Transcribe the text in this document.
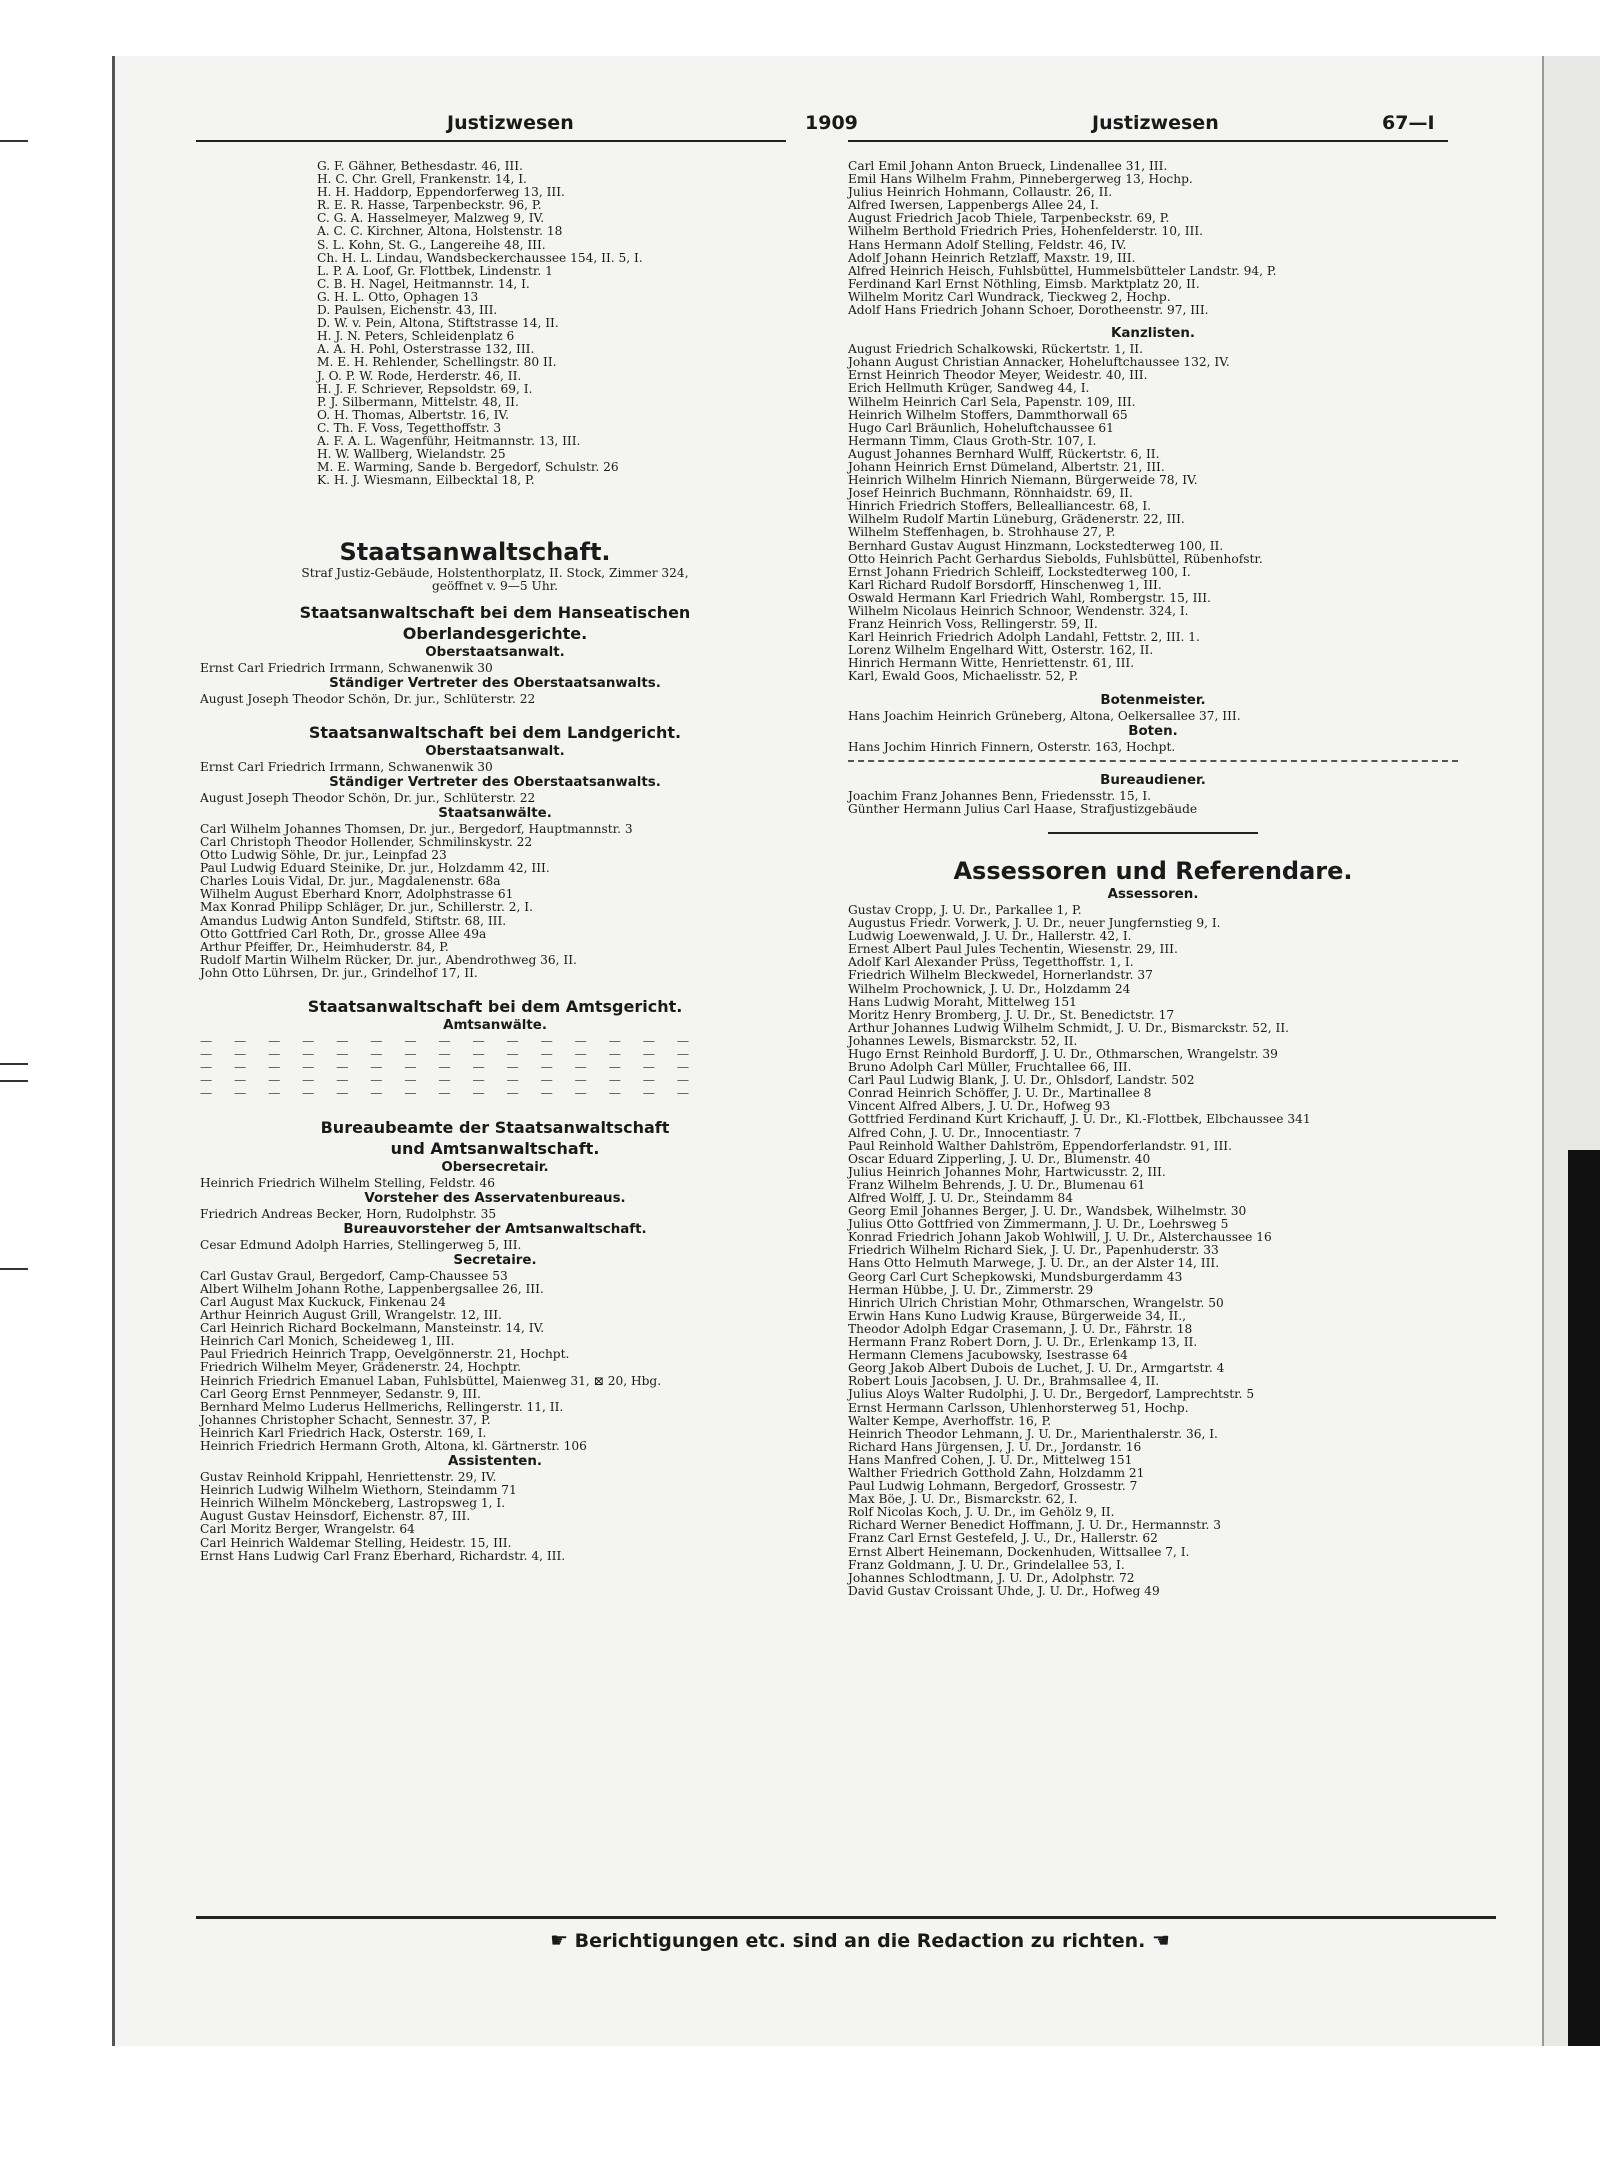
Justizwesen	1909	Justizwesen	67—I
G. F. Gähner, Bethesdastr. 46, III.
H. C. Chr. Grell, Frankenstr. 14, I.
H. H. Haddorp, Eppendorferweg 13, III.
R. E. R. Hasse, Tarpenbeckstr. 96, P.
C. G. A. Hasselmeyer, Malzweg 9, IV.
A. C. C. Kirchner, Altona, Holstenstr. 18
S. L. Kohn, St. G., Langereihe 48, III.
Ch. H. L. Lindau, Wandsbeckerchaussee 154, II. 5, I.
L. P. A. Loof, Gr. Flottbek, Lindenstr. 1
C. B. H. Nagel, Heitmannstr. 14, I.
G. H. L. Otto, Ophagen 13
D. Paulsen, Eichenstr. 43, III.
D. W. v. Pein, Altona, Stiftstrasse 14, II.
H. J. N. Peters, Schleidenplatz 6
A. A. H. Pohl, Osterstrasse 132, III.
M. E. H. Rehlender, Schellingstr. 80 II.
J. O. P. W. Rode, Herderstr. 46, II.
H. J. F. Schriever, Repsoldstr. 69, I.
P. J. Silbermann, Mittelstr. 48, II.
O. H. Thomas, Albertstr. 16, IV.
C. Th. F. Voss, Tegetthoffstr. 3
A. F. A. L. Wagenführ, Heitmannstr. 13, III.
H. W. Wallberg, Wielandstr. 25
M. E. Warming, Sande b. Bergedorf, Schulstr. 26
K. H. J. Wiesmann, Eilbecktal 18, P.
Staatsanwaltschaft.
Straf Justiz-Gebäude, Holstenthorplatz, II. Stock, Zimmer 324,
geöffnet v. 9—5 Uhr.
Staatsanwaltschaft bei dem Hanseatischen
Oberlandesgerichte.
Oberstaatsanwalt.
Ernst Carl Friedrich Irrmann, Schwanenwik 30
Ständiger Vertreter des Oberstaatsanwalts.
August Joseph Theodor Schön, Dr. jur., Schlüterstr. 22
Staatsanwaltschaft bei dem Landgericht.
Oberstaatsanwalt.
Ernst Carl Friedrich Irrmann, Schwanenwik 30
Ständiger Vertreter des Oberstaatsanwalts.
August Joseph Theodor Schön, Dr. jur., Schlüterstr. 22
Staatsanwälte.
Carl Wilhelm Johannes Thomsen, Dr. jur., Bergedorf, Hauptmannstr. 3
Carl Christoph Theodor Hollender, Schmilinskystr. 22
Otto Ludwig Söhle, Dr. jur., Leinpfad 23
Paul Ludwig Eduard Steinike, Dr. jur., Holzdamm 42, III.
Charles Louis Vidal, Dr. jur., Magdalenenstr. 68a
Wilhelm August Eberhard Knorr, Adolphstrasse 61
Max Konrad Philipp Schläger, Dr. jur., Schillerstr. 2, I.
Amandus Ludwig Anton Sundfeld, Stiftstr. 68, III.
Otto Gottfried Carl Roth, Dr., grosse Allee 49a
Arthur Pfeiffer, Dr., Heimhuderstr. 84, P.
Rudolf Martin Wilhelm Rücker, Dr. jur., Abendrothweg 36, II.
John Otto Lührsen, Dr. jur., Grindelhof 17, II.
Staatsanwaltschaft bei dem Amtsgericht.
Amtsanwälte.
— — — — — — — — — — — — — — —
— — — — — — — — — — — — — — —
— — — — — — — — — — — — — — —
— — — — — — — — — — — — — — —
— — — — — — — — — — — — — — —
Bureaubeamte der Staatsanwaltschaft
und Amtsanwaltschaft.
Obersecretair.
Heinrich Friedrich Wilhelm Stelling, Feldstr. 46
Vorsteher des Asservatenbureaus.
Friedrich Andreas Becker, Horn, Rudolphstr. 35
Bureauvorsteher der Amtsanwaltschaft.
Cesar Edmund Adolph Harries, Stellingerweg 5, III.
Secretaire.
Carl Gustav Graul, Bergedorf, Camp-Chaussee 53
Albert Wilhelm Johann Rothe, Lappenbergsallee 26, III.
Carl August Max Kuckuck, Finkenau 24
Arthur Heinrich August Grill, Wrangelstr. 12, III.
Carl Heinrich Richard Bockelmann, Mansteinstr. 14, IV.
Heinrich Carl Monich, Scheideweg 1, III.
Paul Friedrich Heinrich Trapp, Oevelgönnerstr. 21, Hochpt.
Friedrich Wilhelm Meyer, Grädenerstr. 24, Hochptr.
Heinrich Friedrich Emanuel Laban, Fuhlsbüttel, Maienweg 31, ⊠ 20, Hbg.
Carl Georg Ernst Pennmeyer, Sedanstr. 9, III.
Bernhard Melmo Luderus Hellmerichs, Rellingerstr. 11, II.
Johannes Christopher Schacht, Sennestr. 37, P.
Heinrich Karl Friedrich Hack, Osterstr. 169, I.
Heinrich Friedrich Hermann Groth, Altona, kl. Gärtnerstr. 106
Assistenten.
Gustav Reinhold Krippahl, Henriettenstr. 29, IV.
Heinrich Ludwig Wilhelm Wiethorn, Steindamm 71
Heinrich Wilhelm Mönckeberg, Lastropsweg 1, I.
August Gustav Heinsdorf, Eichenstr. 87, III.
Carl Moritz Berger, Wrangelstr. 64
Carl Heinrich Waldemar Stelling, Heidestr. 15, III.
Ernst Hans Ludwig Carl Franz Eberhard, Richardstr. 4, III.
Carl Emil Johann Anton Brueck, Lindenallee 31, III.
Emil Hans Wilhelm Frahm, Pinnebergerweg 13, Hochp.
Julius Heinrich Hohmann, Collaustr. 26, II.
Alfred Iwersen, Lappenbergs Allee 24, I.
August Friedrich Jacob Thiele, Tarpenbeckstr. 69, P.
Wilhelm Berthold Friedrich Pries, Hohenfelderstr. 10, III.
Hans Hermann Adolf Stelling, Feldstr. 46, IV.
Adolf Johann Heinrich Retzlaff, Maxstr. 19, III.
Alfred Heinrich Heisch, Fuhlsbüttel, Hummelsbütteler Landstr. 94, P.
Ferdinand Karl Ernst Nöthling, Eimsb. Marktplatz 20, II.
Wilhelm Moritz Carl Wundrack, Tieckweg 2, Hochp.
Adolf Hans Friedrich Johann Schoer, Dorotheenstr. 97, III.
Kanzlisten.
August Friedrich Schalkowski, Rückertstr. 1, II.
Johann August Christian Annacker, Hoheluftchaussee 132, IV.
Ernst Heinrich Theodor Meyer, Weidestr. 40, III.
Erich Hellmuth Krüger, Sandweg 44, I.
Wilhelm Heinrich Carl Sela, Papenstr. 109, III.
Heinrich Wilhelm Stoffers, Dammthorwall 65
Hugo Carl Bräunlich, Hoheluftchaussee 61
Hermann Timm, Claus Groth-Str. 107, I.
August Johannes Bernhard Wulff, Rückertstr. 6, II.
Johann Heinrich Ernst Dümeland, Albertstr. 21, III.
Heinrich Wilhelm Hinrich Niemann, Bürgerweide 78, IV.
Josef Heinrich Buchmann, Rönnhaidstr. 69, II.
Hinrich Friedrich Stoffers, Bellealliancestr. 68, I.
Wilhelm Rudolf Martin Lüneburg, Grädenerstr. 22, III.
Wilhelm Steffenhagen, b. Strohhause 27, P.
Bernhard Gustav August Hinzmann, Lockstedterweg 100, II.
Otto Heinrich Pacht Gerhardus Siebolds, Fuhlsbüttel, Rübenhofstr.
Ernst Johann Friedrich Schleiff, Lockstedterweg 100, I.
Karl Richard Rudolf Borsdorff, Hinschenweg 1, III.
Oswald Hermann Karl Friedrich Wahl, Rombergstr. 15, III.
Wilhelm Nicolaus Heinrich Schnoor, Wendenstr. 324, I.
Franz Heinrich Voss, Rellingerstr. 59, II.
Karl Heinrich Friedrich Adolph Landahl, Fettstr. 2, III. 1.
Lorenz Wilhelm Engelhard Witt, Osterstr. 162, II.
Hinrich Hermann Witte, Henriettenstr. 61, III.
Karl, Ewald Goos, Michaelisstr. 52, P.
Botenmeister.
Hans Joachim Heinrich Grüneberg, Altona, Oelkersallee 37, III.
Boten.
Hans Jochim Hinrich Finnern, Osterstr. 163, Hochpt.
Bureaudiener.
Joachim Franz Johannes Benn, Friedensstr. 15, I.
Günther Hermann Julius Carl Haase, Strafjustizgebäude
Assessoren und Referendare.
Assessoren.
Gustav Cropp, J. U. Dr., Parkallee 1, P.
Augustus Friedr. Vorwerk, J. U. Dr., neuer Jungfernstieg 9, I.
Ludwig Loewenwald, J. U. Dr., Hallerstr. 42, I.
Ernest Albert Paul Jules Techentin, Wiesenstr. 29, III.
Adolf Karl Alexander Prüss, Tegetthoffstr. 1, I.
Friedrich Wilhelm Bleckwedel, Hornerlandstr. 37
Wilhelm Prochownick, J. U. Dr., Holzdamm 24
Hans Ludwig Moraht, Mittelweg 151
Moritz Henry Bromberg, J. U. Dr., St. Benedictstr. 17
Arthur Johannes Ludwig Wilhelm Schmidt, J. U. Dr., Bismarckstr. 52, II.
Johannes Lewels, Bismarckstr. 52, II.
Hugo Ernst Reinhold Burdorff, J. U. Dr., Othmarschen, Wrangelstr. 39
Bruno Adolph Carl Müller, Fruchtallee 66, III.
Carl Paul Ludwig Blank, J. U. Dr., Ohlsdorf, Landstr. 502
Conrad Heinrich Schöffer, J. U. Dr., Martinallee 8
Vincent Alfred Albers, J. U. Dr., Hofweg 93
Gottfried Ferdinand Kurt Krichauff, J. U. Dr., Kl.-Flottbek, Elbchaussee 341
Alfred Cohn, J. U. Dr., Innocentiastr. 7
Paul Reinhold Walther Dahlström, Eppendorferlandstr. 91, III.
Oscar Eduard Zipperling, J. U. Dr., Blumenstr. 40
Julius Heinrich Johannes Mohr, Hartwicusstr. 2, III.
Franz Wilhelm Behrends, J. U. Dr., Blumenau 61
Alfred Wolff, J. U. Dr., Steindamm 84
Georg Emil Johannes Berger, J. U. Dr., Wandsbek, Wilhelmstr. 30
Julius Otto Gottfried von Zimmermann, J. U. Dr., Loehrsweg 5
Konrad Friedrich Johann Jakob Wohlwill, J. U. Dr., Alsterchaussee 16
Friedrich Wilhelm Richard Siek, J. U. Dr., Papenhuderstr. 33
Hans Otto Helmuth Marwege, J. U. Dr., an der Alster 14, III.
Georg Carl Curt Schepkowski, Mundsburgerdamm 43
Herman Hübbe, J. U. Dr., Zimmerstr. 29
Hinrich Ulrich Christian Mohr, Othmarschen, Wrangelstr. 50
Erwin Hans Kuno Ludwig Krause, Bürgerweide 34, II.,
Theodor Adolph Edgar Crasemann, J. U. Dr., Fährstr. 18
Hermann Franz Robert Dorn, J. U. Dr., Erlenkamp 13, II.
Hermann Clemens Jacubowsky, Isestrasse 64
Georg Jakob Albert Dubois de Luchet, J. U. Dr., Armgartstr. 4
Robert Louis Jacobsen, J. U. Dr., Brahmsallee 4, II.
Julius Aloys Walter Rudolphi, J. U. Dr., Bergedorf, Lamprechtstr. 5
Ernst Hermann Carlsson, Uhlenhorsterweg 51, Hochp.
Walter Kempe, Averhoffstr. 16, P.
Heinrich Theodor Lehmann, J. U. Dr., Marienthalerstr. 36, I.
Richard Hans Jürgensen, J. U. Dr., Jordanstr. 16
Hans Manfred Cohen, J. U. Dr., Mittelweg 151
Walther Friedrich Gotthold Zahn, Holzdamm 21
Paul Ludwig Lohmann, Bergedorf, Grossestr. 7
Max Böe, J. U. Dr., Bismarckstr. 62, I.
Rolf Nicolas Koch, J. U. Dr., im Gehölz 9, II.
Richard Werner Benedict Hoffmann, J. U. Dr., Hermannstr. 3
Franz Carl Ernst Gestefeld, J. U., Dr., Hallerstr. 62
Ernst Albert Heinemann, Dockenhuden, Wittsallee 7, I.
Franz Goldmann, J. U. Dr., Grindelallee 53, I.
Johannes Schlodtmann, J. U. Dr., Adolphstr. 72
David Gustav Croissant Uhde, J. U. Dr., Hofweg 49
☛ Berichtigungen etc. sind an die Redaction zu richten. ☚
